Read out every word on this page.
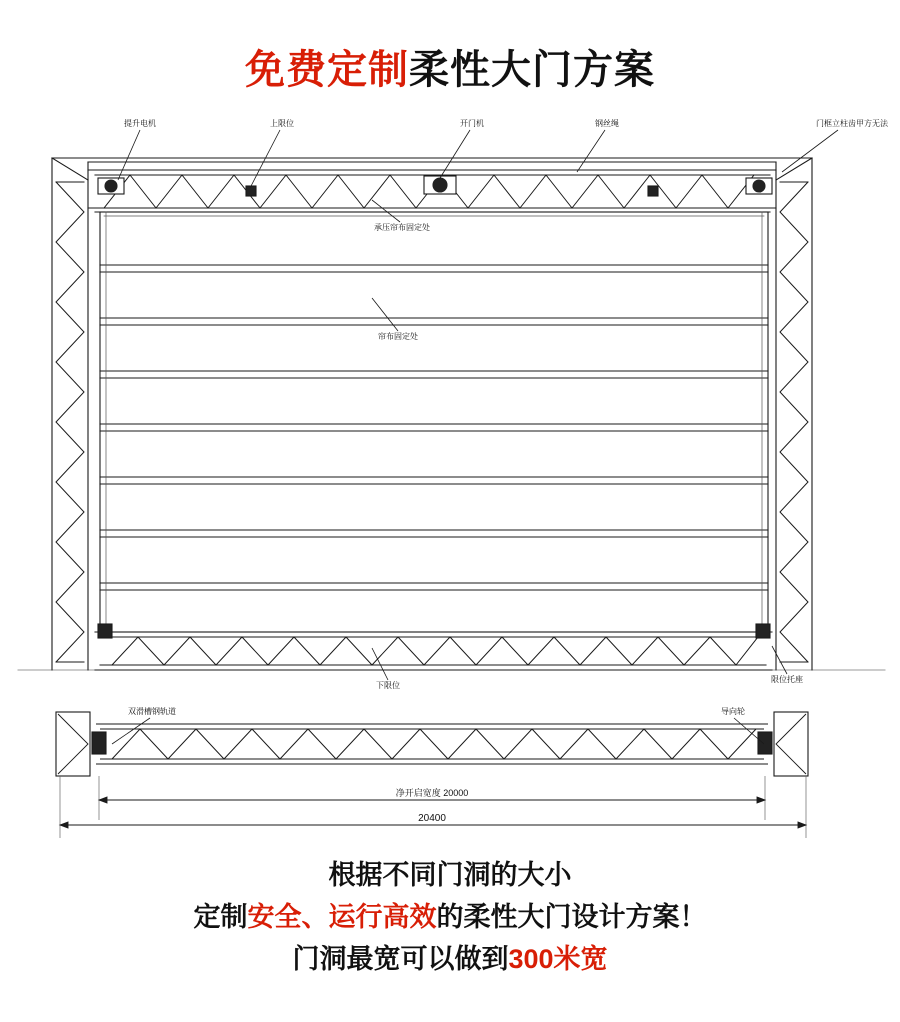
免费定制柔性大门方案
净开启宽度 20000
20400
提升电机	上限位	开门机	钢丝绳	门框立柱齿甲方无法
承压帘布固定处
帘布固定处
下限位
限位托座
双滑槽钢轨道	导向轮
根据不同门洞的大小
定制安全、运行高效的柔性大门设计方案！
门洞最宽可以做到300米宽
